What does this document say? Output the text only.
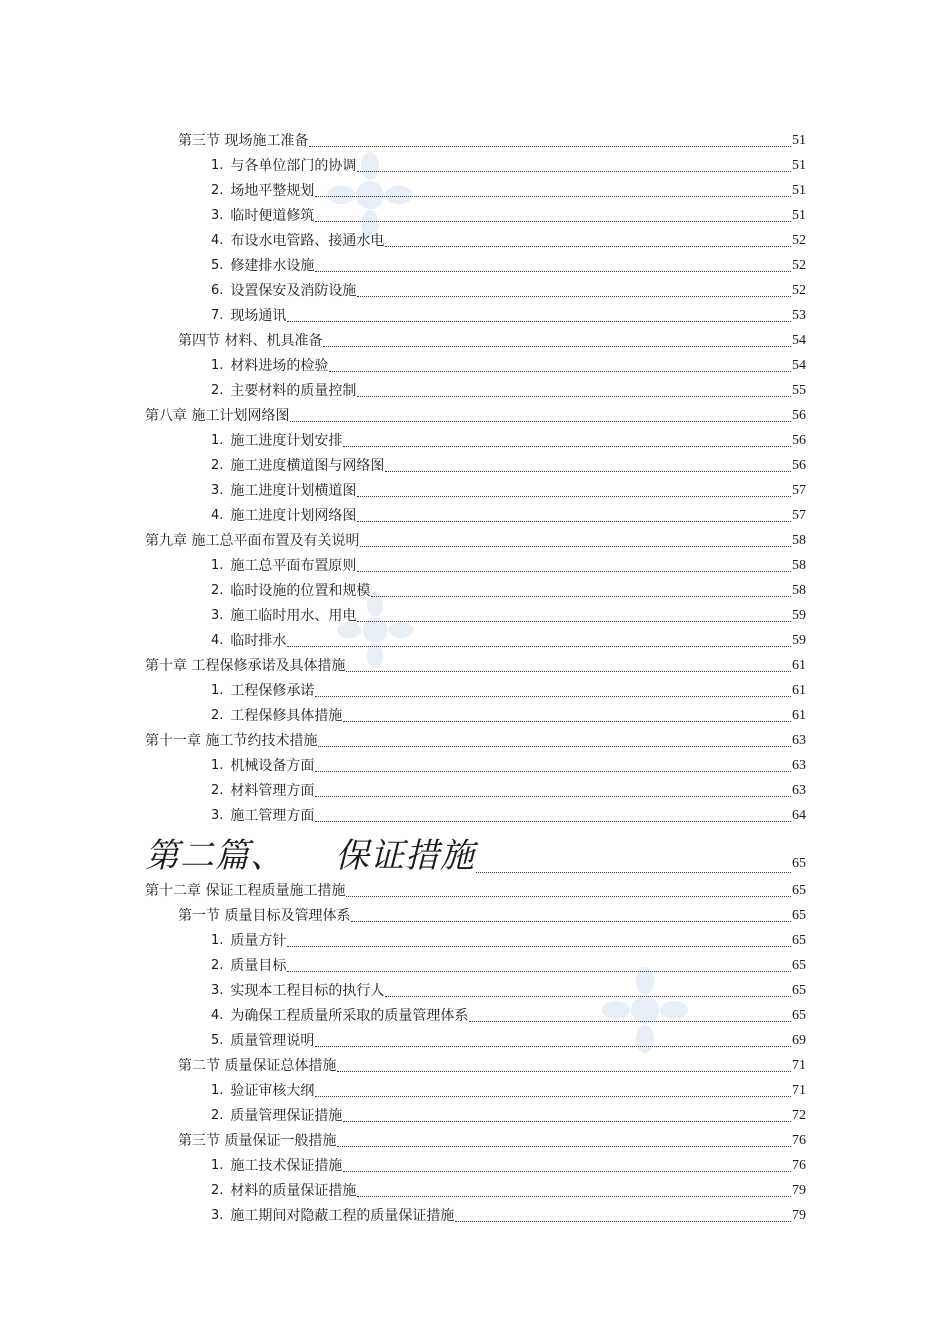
第三节 现场施工准备	51
1. 与各单位部门的协调	51
2. 场地平整规划	51
3. 临时便道修筑	51
4. 布设水电管路、接通水电	52
5. 修建排水设施	52
6. 设置保安及消防设施	52
7. 现场通讯	53
第四节 材料、机具准备	54
1. 材料进场的检验	54
2. 主要材料的质量控制	55
第八章 施工计划网络图	56
1. 施工进度计划安排	56
2. 施工进度横道图与网络图	56
3. 施工进度计划横道图	57
4. 施工进度计划网络图	57
第九章 施工总平面布置及有关说明	58
1. 施工总平面布置原则	58
2. 临时设施的位置和规模	58
3. 施工临时用水、用电	59
4. 临时排水	59
第十章 工程保修承诺及具体措施	61
1. 工程保修承诺	61
2. 工程保修具体措施	61
第十一章 施工节约技术措施	63
1. 机械设备方面	63
2. 材料管理方面	63
3. 施工管理方面	64
第二篇、 保证措施	65
第十二章 保证工程质量施工措施	65
第一节 质量目标及管理体系	65
1. 质量方针	65
2. 质量目标	65
3. 实现本工程目标的执行人	65
4. 为确保工程质量所采取的质量管理体系	65
5. 质量管理说明	69
第二节 质量保证总体措施	71
1. 验证审核大纲	71
2. 质量管理保证措施	72
第三节 质量保证一般措施	76
1. 施工技术保证措施	76
2. 材料的质量保证措施	79
3. 施工期间对隐蔽工程的质量保证措施	79
